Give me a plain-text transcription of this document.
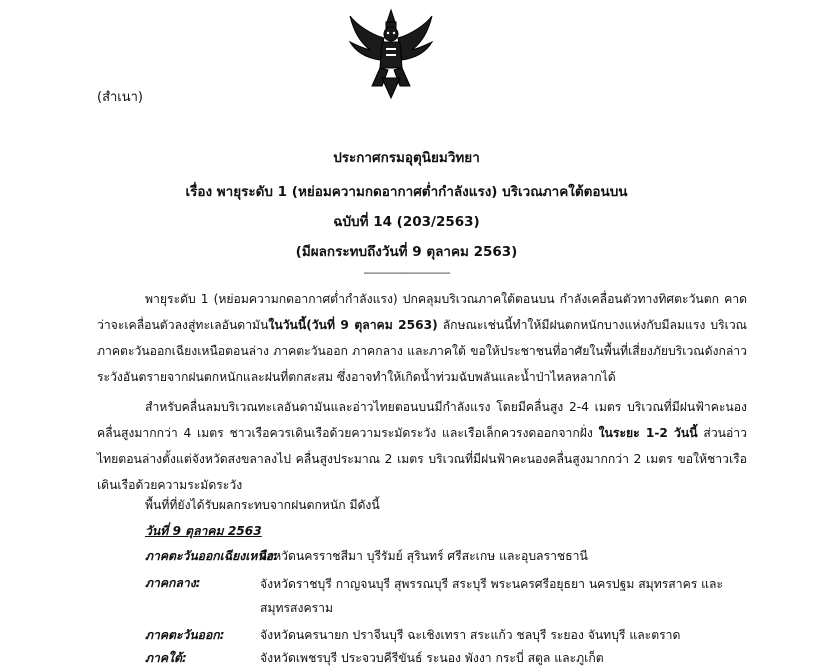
(สำเนา)
ประกาศกรมอุตุนิยมวิทยา
เรื่อง พายุระดับ 1 (หย่อมความกดอากาศต่ำกำลังแรง) บริเวณภาคใต้ตอนบน
ฉบับที่ 14 (203/2563)
(มีผลกระทบถึงวันที่ 9 ตุลาคม 2563)
-----------------------------
พายุระดับ 1 (หย่อมความกดอากาศต่ำกำลังแรง) ปกคลุมบริเวณภาคใต้ตอนบน กำลังเคลื่อนตัวทางทิศตะวันตก คาดว่าจะเคลื่อนตัวลงสู่ทะเลอันดามันในวันนี้(วันที่ 9 ตุลาคม 2563) ลักษณะเช่นนี้ทำให้มีฝนตกหนักบางแห่งกับมีลมแรง บริเวณภาคตะวันออกเฉียงเหนือตอนล่าง ภาคตะวันออก ภาคกลาง และภาคใต้ ขอให้ประชาชนที่อาศัยในพื้นที่เสี่ยงภัยบริเวณดังกล่าวระวังอันตรายจากฝนตกหนักและฝนที่ตกสะสม ซึ่งอาจทำให้เกิดน้ำท่วมฉับพลันและน้ำป่าไหลหลากได้
สำหรับคลื่นลมบริเวณทะเลอันดามันและอ่าวไทยตอนบนมีกำลังแรง โดยมีคลื่นสูง 2-4 เมตร บริเวณที่มีฝนฟ้าคะนองคลื่นสูงมากกว่า 4 เมตร ชาวเรือควรเดินเรือด้วยความระมัดระวัง และเรือเล็กควรงดออกจากฝั่ง ในระยะ 1-2 วันนี้ ส่วนอ่าวไทยตอนล่างตั้งแต่จังหวัดสงขลาลงไป คลื่นสูงประมาณ 2 เมตร บริเวณที่มีฝนฟ้าคะนองคลื่นสูงมากกว่า 2 เมตร ขอให้ชาวเรือเดินเรือด้วยความระมัดระวัง
พื้นที่ที่ยังได้รับผลกระทบจากฝนตกหนัก มีดังนี้
วันที่ 9 ตุลาคม 2563
ภาคตะวันออกเฉียงเหนือ:
จังหวัดนครราชสีมา บุรีรัมย์ สุรินทร์ ศรีสะเกษ และอุบลราชธานี
ภาคกลาง:	จังหวัดราชบุรี กาญจนบุรี สุพรรณบุรี สระบุรี พระนครศรีอยุธยา นครปฐม สมุทรสาคร และสมุทรสงคราม
ภาคตะวันออก:	จังหวัดนครนายก ปราจีนบุรี ฉะเชิงเทรา สระแก้ว ชลบุรี ระยอง จันทบุรี และตราด
ภาคใต้:	จังหวัดเพชรบุรี ประจวบคีรีขันธ์ ระนอง พังงา กระบี่ สตูล และภูเก็ต
